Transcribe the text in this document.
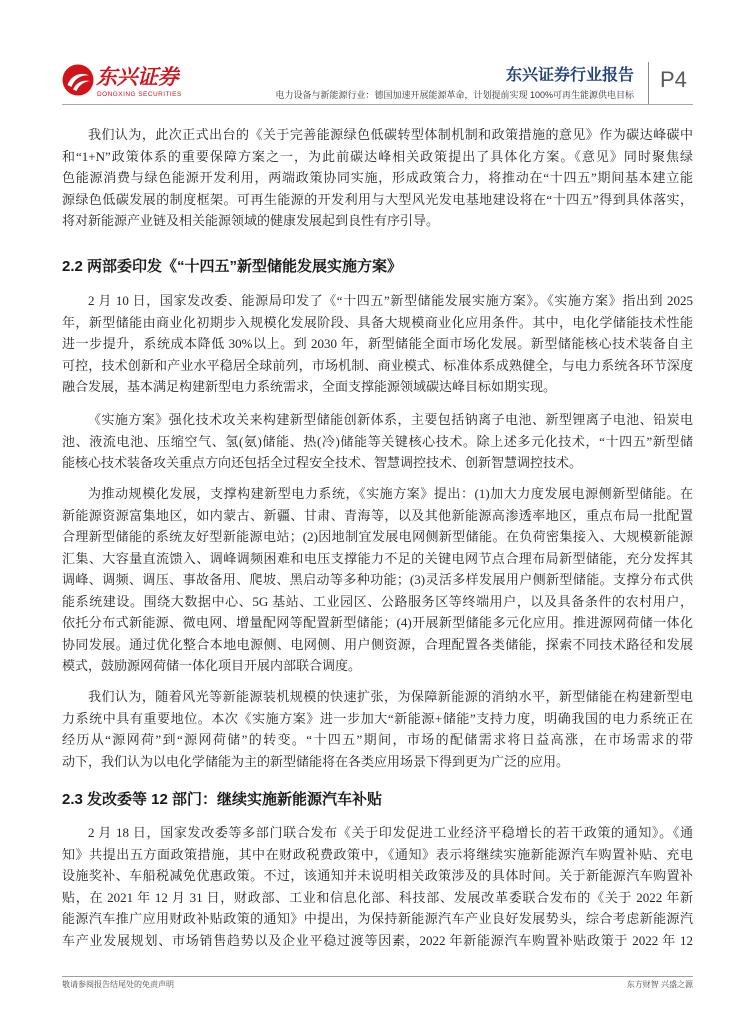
东兴证券
DONGXING SECURITIES
东兴证券行业报告
电力设备与新能源行业：德国加速开展能源革命，计划提前实现 100%可再生能源供电目标
P4
我们认为，此次正式出台的《关于完善能源绿色低碳转型体制机制和政策措施的意见》作为碳达峰碳中
和“1+N”政策体系的重要保障方案之一，为此前碳达峰相关政策提出了具体化方案。《意见》同时聚焦绿
色能源消费与绿色能源开发利用，两端政策协同实施，形成政策合力，将推动在“十四五”期间基本建立能
源绿色低碳发展的制度框架。可再生能源的开发利用与大型风光发电基地建设将在“十四五”得到具体落实，
将对新能源产业链及相关能源领域的健康发展起到良性有序引导。
2.2 两部委印发《“十四五”新型储能发展实施方案》
2 月 10 日，国家发改委、能源局印发了《“十四五”新型储能发展实施方案》。《实施方案》指出到 2025
年，新型储能由商业化初期步入规模化发展阶段、具备大规模商业化应用条件。其中，电化学储能技术性能
进一步提升，系统成本降低 30%以上。到 2030 年，新型储能全面市场化发展。新型储能核心技术装备自主
可控，技术创新和产业水平稳居全球前列，市场机制、商业模式、标准体系成熟健全，与电力系统各环节深度
融合发展，基本满足构建新型电力系统需求，全面支撑能源领域碳达峰目标如期实现。
《实施方案》强化技术攻关来构建新型储能创新体系，主要包括钠离子电池、新型锂离子电池、铅炭电
池、液流电池、压缩空气、氢(氨)储能、热(冷)储能等关键核心技术。除上述多元化技术，“十四五”新型储
能核心技术装备攻关重点方向还包括全过程安全技术、智慧调控技术、创新智慧调控技术。
为推动规模化发展，支撑构建新型电力系统，《实施方案》提出：(1)加大力度发展电源侧新型储能。在
新能源资源富集地区，如内蒙古、新疆、甘肃、青海等，以及其他新能源高渗透率地区，重点布局一批配置
合理新型储能的系统友好型新能源电站；(2)因地制宜发展电网侧新型储能。在负荷密集接入、大规模新能源
汇集、大容量直流馈入、调峰调频困难和电压支撑能力不足的关键电网节点合理布局新型储能，充分发挥其
调峰、调频、调压、事故备用、爬坡、黑启动等多种功能；(3)灵活多样发展用户侧新型储能。支撑分布式供
能系统建设。围绕大数据中心、5G 基站、工业园区、公路服务区等终端用户，以及具备条件的农村用户，
依托分布式新能源、微电网、增量配网等配置新型储能；(4)开展新型储能多元化应用。推进源网荷储一体化
协同发展。通过优化整合本地电源侧、电网侧、用户侧资源，合理配置各类储能，探索不同技术路径和发展
模式，鼓励源网荷储一体化项目开展内部联合调度。
我们认为，随着风光等新能源装机规模的快速扩张，为保障新能源的消纳水平，新型储能在构建新型电
力系统中具有重要地位。本次《实施方案》进一步加大“新能源+储能”支持力度，明确我国的电力系统正在
经历从“源网荷”到“源网荷储”的转变。“十四五”期间，市场的配储需求将日益高涨，在市场需求的带
动下，我们认为以电化学储能为主的新型储能将在各类应用场景下得到更为广泛的应用。
2.3 发改委等 12 部门：继续实施新能源汽车补贴
2 月 18 日，国家发改委等多部门联合发布《关于印发促进工业经济平稳增长的若干政策的通知》。《通
知》共提出五方面政策措施，其中在财政税费政策中，《通知》表示将继续实施新能源汽车购置补贴、充电
设施奖补、车船税减免优惠政策。不过，该通知并未说明相关政策涉及的具体时间。关于新能源汽车购置补
贴，在 2021 年 12 月 31 日，财政部、工业和信息化部、科技部、发展改革委联合发布的《关于 2022 年新
能源汽车推广应用财政补贴政策的通知》中提出，为保持新能源汽车产业良好发展势头，综合考虑新能源汽
车产业发展规划、市场销售趋势以及企业平稳过渡等因素，2022 年新能源汽车购置补贴政策于 2022 年 12
敬请参阅报告结尾处的免责声明	东方财智 兴盛之源
